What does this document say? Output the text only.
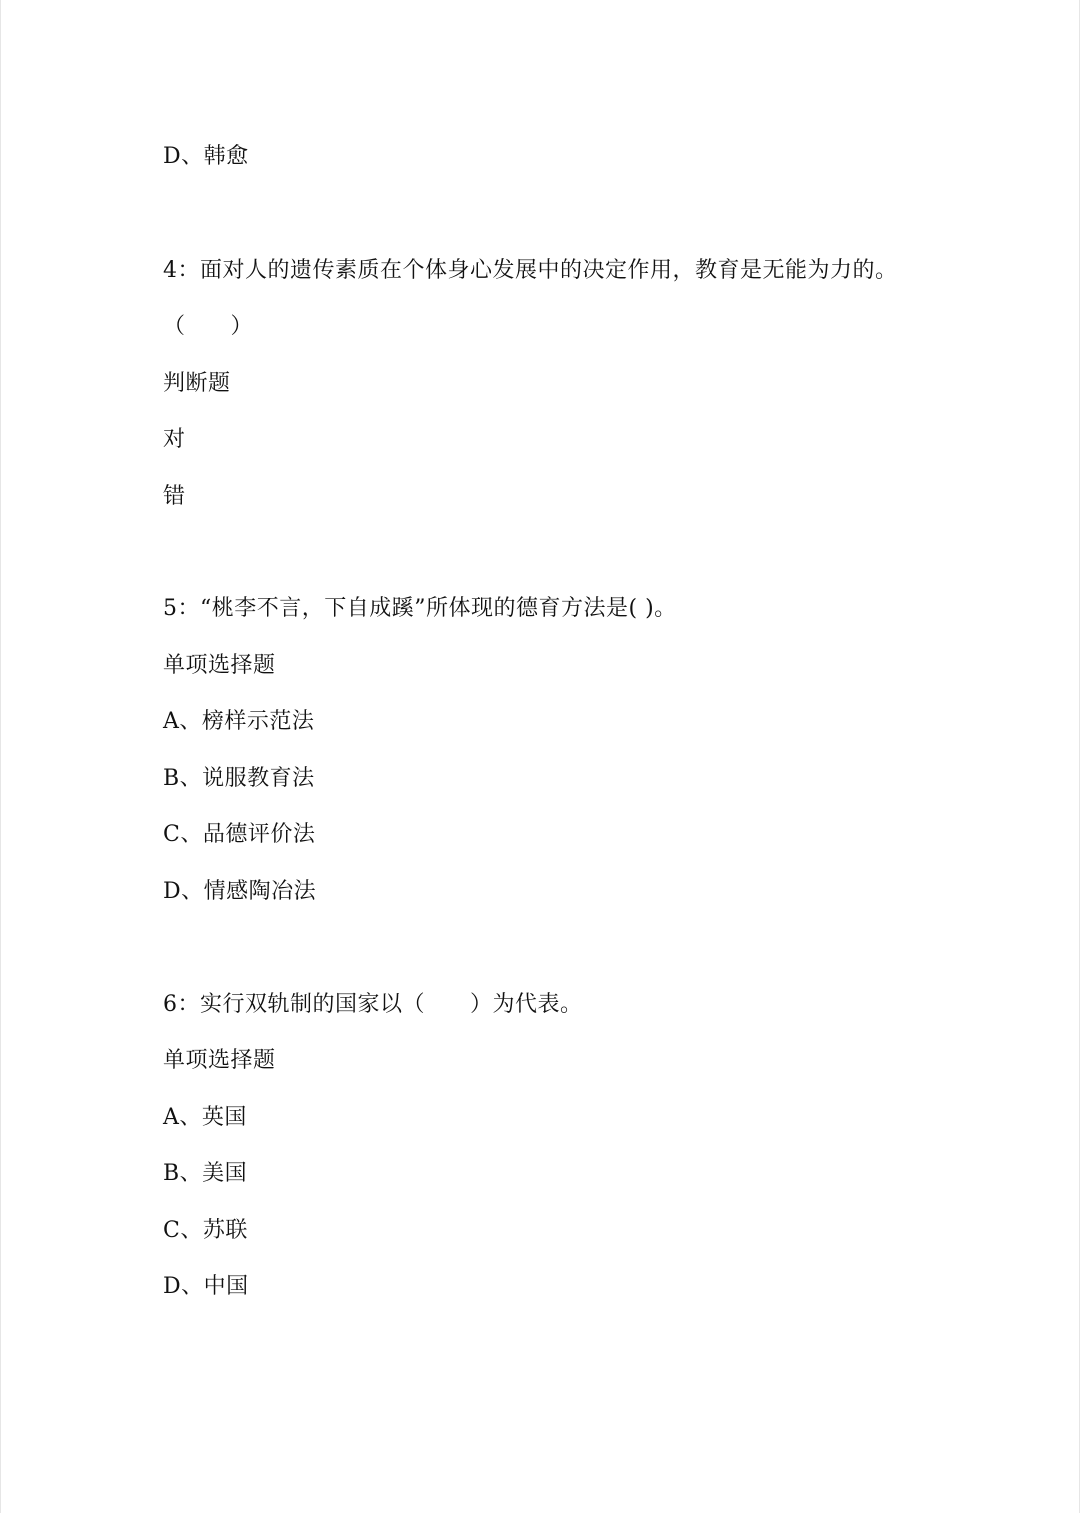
D、韩愈
4：面对人的遗传素质在个体身心发展中的决定作用，教育是无能为力的。
（　　）
判断题
对
错
5：“桃李不言，下自成蹊”所体现的德育方法是( )。
单项选择题
A、榜样示范法
B、说服教育法
C、品德评价法
D、情感陶冶法
6：实行双轨制的国家以（　　）为代表。
单项选择题
A、英国
B、美国
C、苏联
D、中国
